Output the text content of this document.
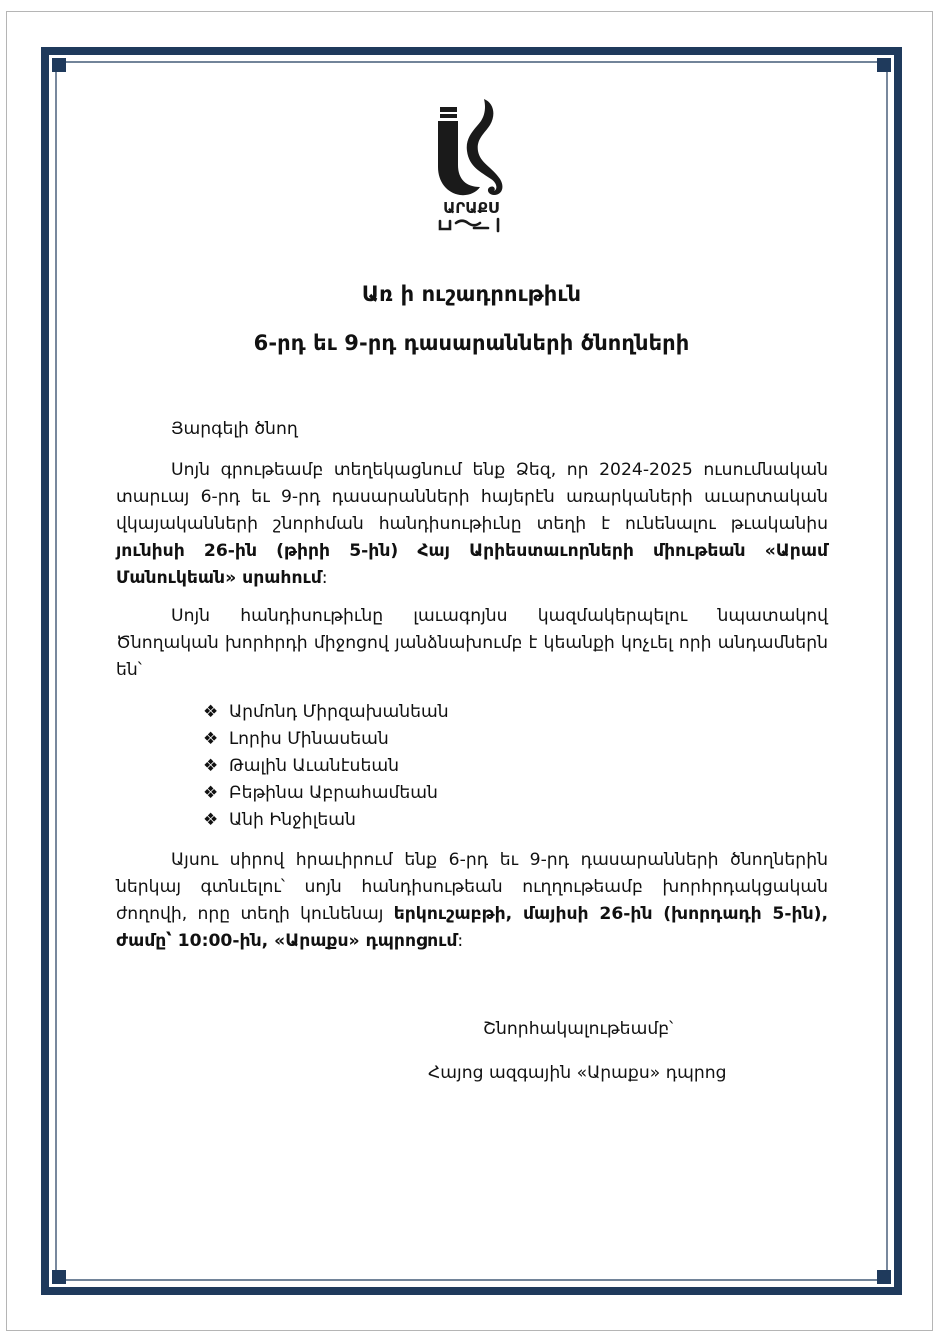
ԱՐԱՔՍ
Առ ի ուշադրութիւն
6-րդ եւ 9-րդ դասարանների ծնողների

Յարգելի ծնող

Սոյն գրութեամբ տեղեկացնում ենք Ձեզ, որ 2024-2025 ուսումնական տարւայ 6-րդ եւ 9-րդ դասարանների հայերէն առարկաների աւարտական վկայականների շնորհման հանդիսութիւնը տեղի է ունենալու թւականիս յունիսի 26-ին (թիրի 5-ին) Հայ Արիեստաւորների միութեան «Արամ Մանուկեան» սրահում:

Սոյն հանդիսութիւնը լաւագոյնս կազմակերպելու նպատակով Ծնողական խորհրդի միջոցով յանձնախումբ է կեանքի կոչւել որի անդամներն են՝

❖ Արմոնդ Միրզախանեան
❖ Լորիս Մինասեան
❖ Թալին Աւանէսեան
❖ Բեթինա Աբրահամեան
❖ Անի Ինջիլեան

Այսու սիրով հրաւիրում ենք 6-րդ եւ 9-րդ դասարանների ծնողներին ներկայ գտնւելու՝ սոյն հանդիսութեան ուղղութեամբ խորհրդակցական ժողովի, որը տեղի կունենայ երկուշաբթի, մայիսի 26-ին (խորդադի 5-ին), ժամը՝ 10:00-ին, «Արաքս» դպրոցում:

Շնորհակալութեամբ՝
Հայոց ազգային «Արաքս» դպրոց
